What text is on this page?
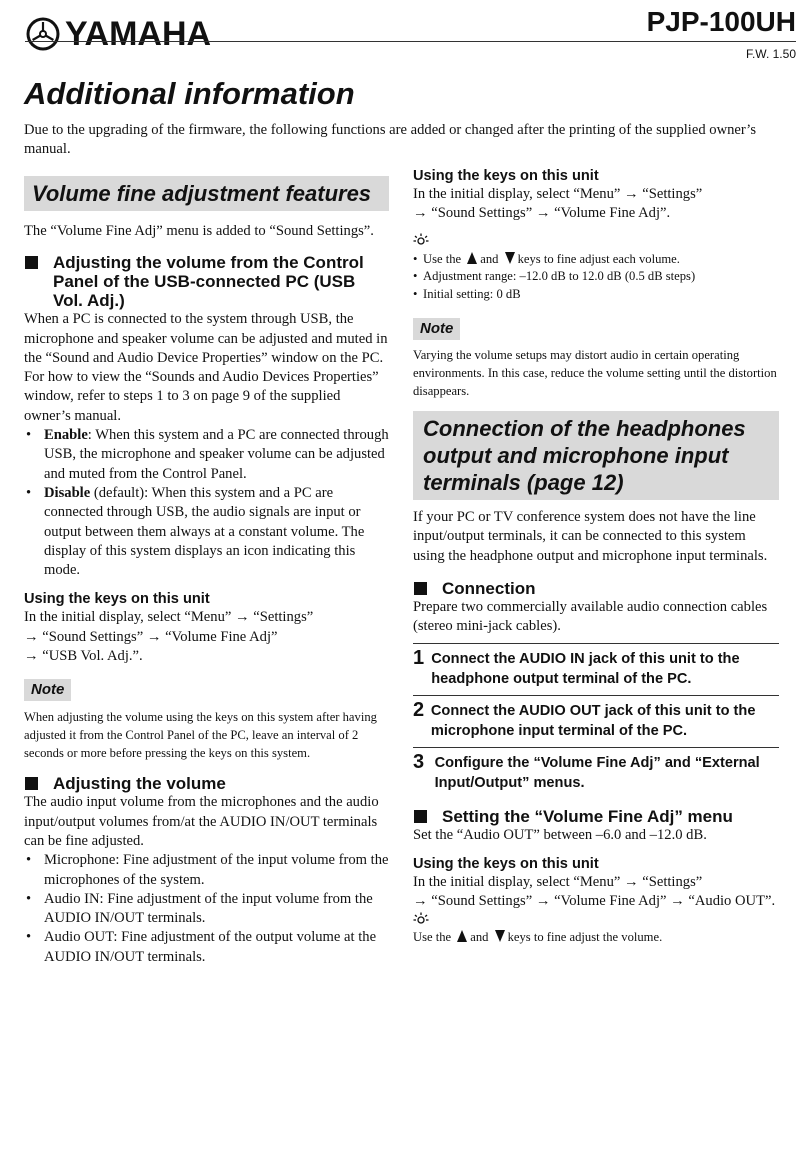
YAMAHA	PJP-100UH
F.W. 1.50
Additional information
Due to the upgrading of the firmware, the following functions are added or changed after the printing of the supplied owner’s manual.
Volume fine adjustment features
The “Volume Fine Adj” menu is added to “Sound Settings”.
Adjusting the volume from the Control Panel of the USB-connected PC (USB Vol. Adj.)
When a PC is connected to the system through USB, the microphone and speaker volume can be adjusted and muted in the “Sound and Audio Device Properties” window on the PC. For how to view the “Sounds and Audio Devices Properties” window, refer to steps 1 to 3 on page 9 of the supplied owner’s manual.
• Enable: When this system and a PC are connected through USB, the microphone and speaker volume can be adjusted and muted from the Control Panel.
• Disable (default): When this system and a PC are connected through USB, the audio signals are input or output between them always at a constant volume. The display of this system displays an icon indicating this mode.
Using the keys on this unit
In the initial display, select “Menu” → “Settings”
→ “Sound Settings” → “Volume Fine Adj”
→ “USB Vol. Adj.”.
Note
When adjusting the volume using the keys on this system after having adjusted it from the Control Panel of the PC, leave an interval of 2 seconds or more before pressing the keys on this system.
Adjusting the volume
The audio input volume from the microphones and the audio input/output volumes from/at the AUDIO IN/OUT terminals can be fine adjusted.
• Microphone: Fine adjustment of the input volume from the microphones of the system.
• Audio IN: Fine adjustment of the input volume from the AUDIO IN/OUT terminals.
• Audio OUT: Fine adjustment of the output volume at the AUDIO IN/OUT terminals.
Using the keys on this unit
In the initial display, select “Menu” → “Settings”
→ “Sound Settings” → “Volume Fine Adj”.
• Use the and keys to fine adjust each volume.
• Adjustment range: –12.0 dB to 12.0 dB (0.5 dB steps)
• Initial setting: 0 dB
Note
Varying the volume setups may distort audio in certain operating environments. In this case, reduce the volume setting until the distortion disappears.
Connection of the headphones output and microphone input terminals (page 12)
If your PC or TV conference system does not have the line input/output terminals, it can be connected to this system using the headphone output and microphone input terminals.
Connection
Prepare two commercially available audio connection cables (stereo mini-jack cables).
1 Connect the AUDIO IN jack of this unit to the headphone output terminal of the PC.
2 Connect the AUDIO OUT jack of this unit to the microphone input terminal of the PC.
3 Configure the “Volume Fine Adj” and “External Input/Output” menus.
Setting the “Volume Fine Adj” menu
Set the “Audio OUT” between –6.0 and –12.0 dB.
Using the keys on this unit
In the initial display, select “Menu” → “Settings”
→ “Sound Settings” → “Volume Fine Adj” → “Audio OUT”.
Use the and keys to fine adjust the volume.
